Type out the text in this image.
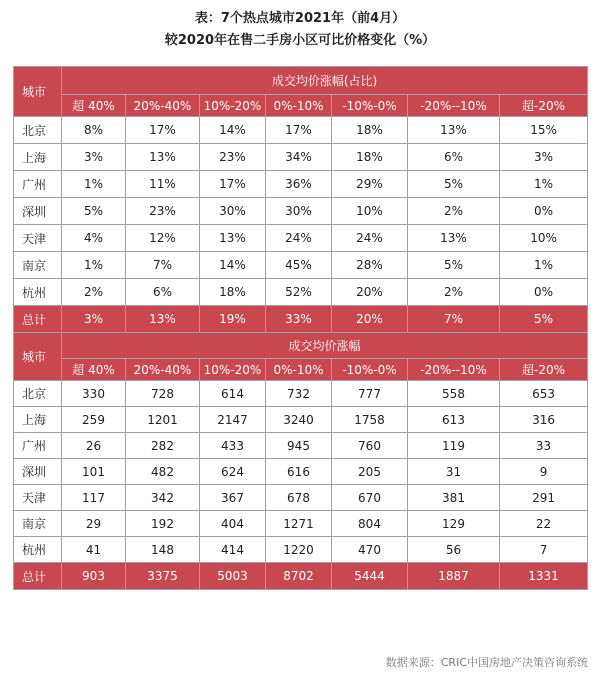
表：7个热点城市2021年（前4月）
较2020年在售二手房小区可比价格变化（%）
城市	成交均价涨幅(占比)						
	超 40%	20%-40%	10%-20%	0%-10%	-10%-0%	-20%--10%	超-20%
北京	8%	17%	14%	17%	18%	13%	15%
上海	3%	13%	23%	34%	18%	6%	3%
广州	1%	11%	17%	36%	29%	5%	1%
深圳	5%	23%	30%	30%	10%	2%	0%
天津	4%	12%	13%	24%	24%	13%	10%
南京	1%	7%	14%	45%	28%	5%	1%
杭州	2%	6%	18%	52%	20%	2%	0%
总计	3%	13%	19%	33%	20%	7%	5%
城市	成交均价涨幅						
	超 40%	20%-40%	10%-20%	0%-10%	-10%-0%	-20%--10%	超-20%
北京	330	728	614	732	777	558	653
上海	259	1201	2147	3240	1758	613	316
广州	26	282	433	945	760	119	33
深圳	101	482	624	616	205	31	9
天津	117	342	367	678	670	381	291
南京	29	192	404	1271	804	129	22
杭州	41	148	414	1220	470	56	7
总计	903	3375	5003	8702	5444	1887	1331
数据来源：CRIC中国房地产决策咨询系统
